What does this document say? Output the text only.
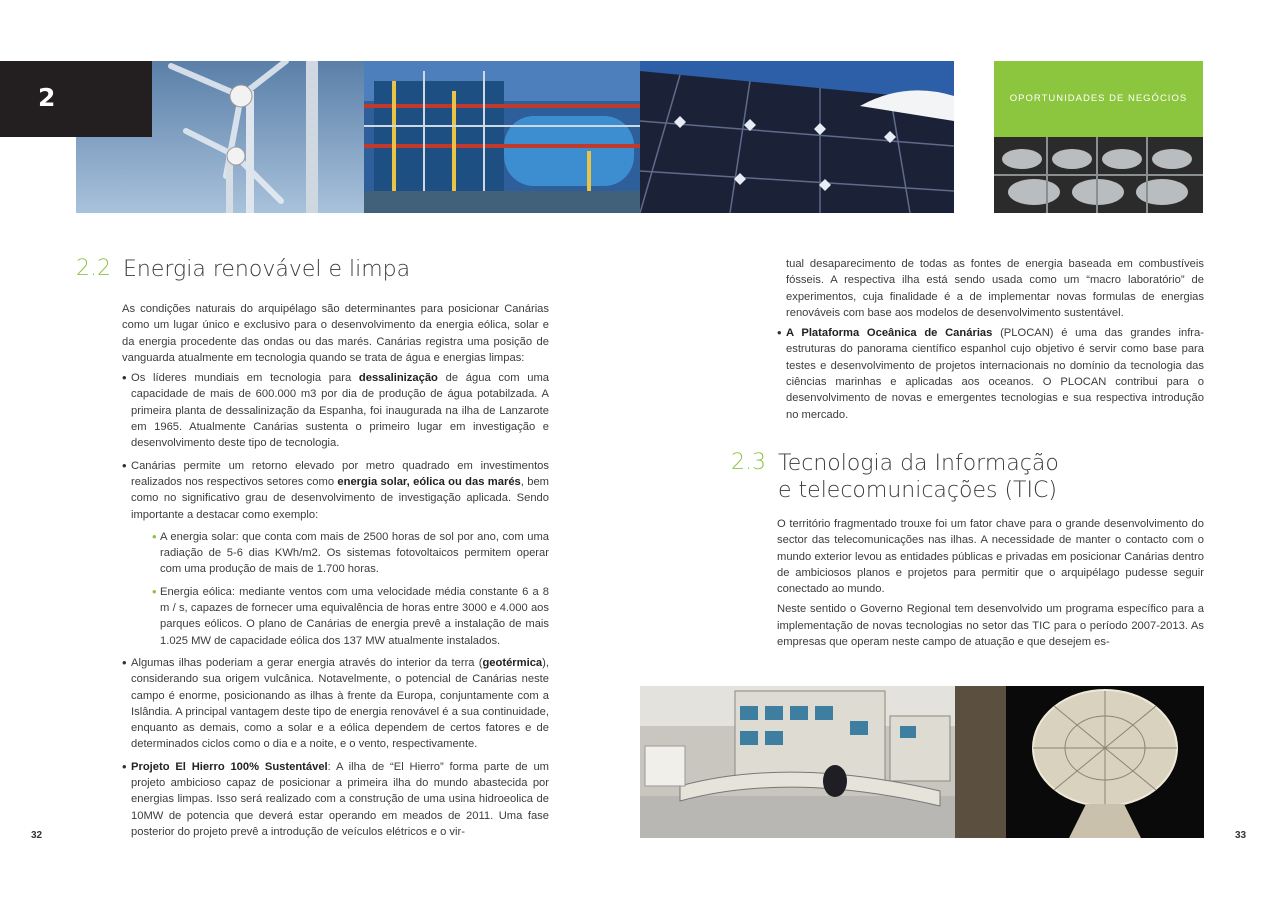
2	OPORTUNIDADES DE NEGÓCIOS
2.2 Energia renovável e limpa

As condições naturais do arquipélago são determinantes para posicionar Canárias como um lugar único e exclusivo para o desenvolvimento da energia eólica, solar e da energia procedente das ondas ou das marés. Canárias registra uma posição de vanguarda atualmente em tecnologia quando se trata de água e energias limpas:

• Os líderes mundiais em tecnologia para dessalinização de água com uma capacidade de mais de 600.000 m3 por dia de produção de água potabilzada. A primeira planta de dessalinização da Espanha, foi inaugurada na ilha de Lanzarote em 1965. Atualmente Canárias sustenta o primeiro lugar em investigação e desenvolvimento deste tipo de tecnologia.
• Canárias permite um retorno elevado por metro quadrado em investimentos realizados nos respectivos setores como energia solar, eólica ou das marés, bem como no significativo grau de desenvolvimento de investigação aplicada. Sendo importante a destacar como exemplo:
• A energia solar: que conta com mais de 2500 horas de sol por ano, com uma radiação de 5-6 dias KWh/m2. Os sistemas fotovoltaicos permitem operar com uma produção de mais de 1.700 horas.
• Energia eólica: mediante ventos com uma velocidade média constante 6 a 8 m / s, capazes de fornecer uma equivalência de horas entre 3000 e 4.000 aos parques eólicos. O plano de Canárias de energia prevê a instalação de mais 1.025 MW de capacidade eólica dos 137 MW atualmente instalados.
• Algumas ilhas poderiam a gerar energia através do interior da terra (geotérmica), considerando sua origem vulcânica. Notavelmente, o potencial de Canárias neste campo é enorme, posicionando as ilhas à frente da Europa, conjuntamente com a Islândia. A principal vantagem deste tipo de energia renovável é a sua continuidade, enquanto as demais, como a solar e a eólica dependem de certos fatores e de determinados ciclos como o dia e a noite, e o vento, respectivamente.
• Projeto El Hierro 100% Sustentável: A ilha de “El Hierro” forma parte de um projeto ambicioso capaz de posicionar a primeira ilha do mundo abastecida por energias limpas. Isso será realizado com a construção de uma usina hidroeolica de 10MW de potencia que deverá estar operando em meados de 2011. Uma fase posterior do projeto prevê a introdução de veículos elétricos e o vir-
32

tual desaparecimento de todas as fontes de energia baseada em combustíveis fósseis. A respectiva ilha está sendo usada como um “macro laboratório” de experimentos, cuja finalidade é a de implementar novas formulas de energias renováveis com base aos modelos de desenvolvimento sustentável.

• A Plataforma Oceânica de Canárias (PLOCAN) é uma das grandes infra-estruturas do panorama científico espanhol cujo objetivo é servir como base para testes e desenvolvimento de projetos internacionais no domínio da tecnologia das ciências marinhas e aplicadas aos oceanos. O PLOCAN contribui para o desenvolvimento de novas e emergentes tecnologias e sua respectiva introdução no mercado.
2.3 Tecnologia da Informação
e telecomunicações (TIC)

O território fragmentado trouxe foi um fator chave para o grande desenvolvimento do sector das telecomunicações nas ilhas. A necessidade de manter o contacto com o mundo exterior levou as entidades públicas e privadas em posicionar Canárias dentro de ambiciosos planos e projetos para permitir que o arquipélago pudesse seguir conectado ao mundo.

Neste sentido o Governo Regional tem desenvolvido um programa específico para a implementação de novas tecnologias no setor das TIC para o período 2007-2013. As empresas que operam neste campo de atuação e que desejem es-

33
